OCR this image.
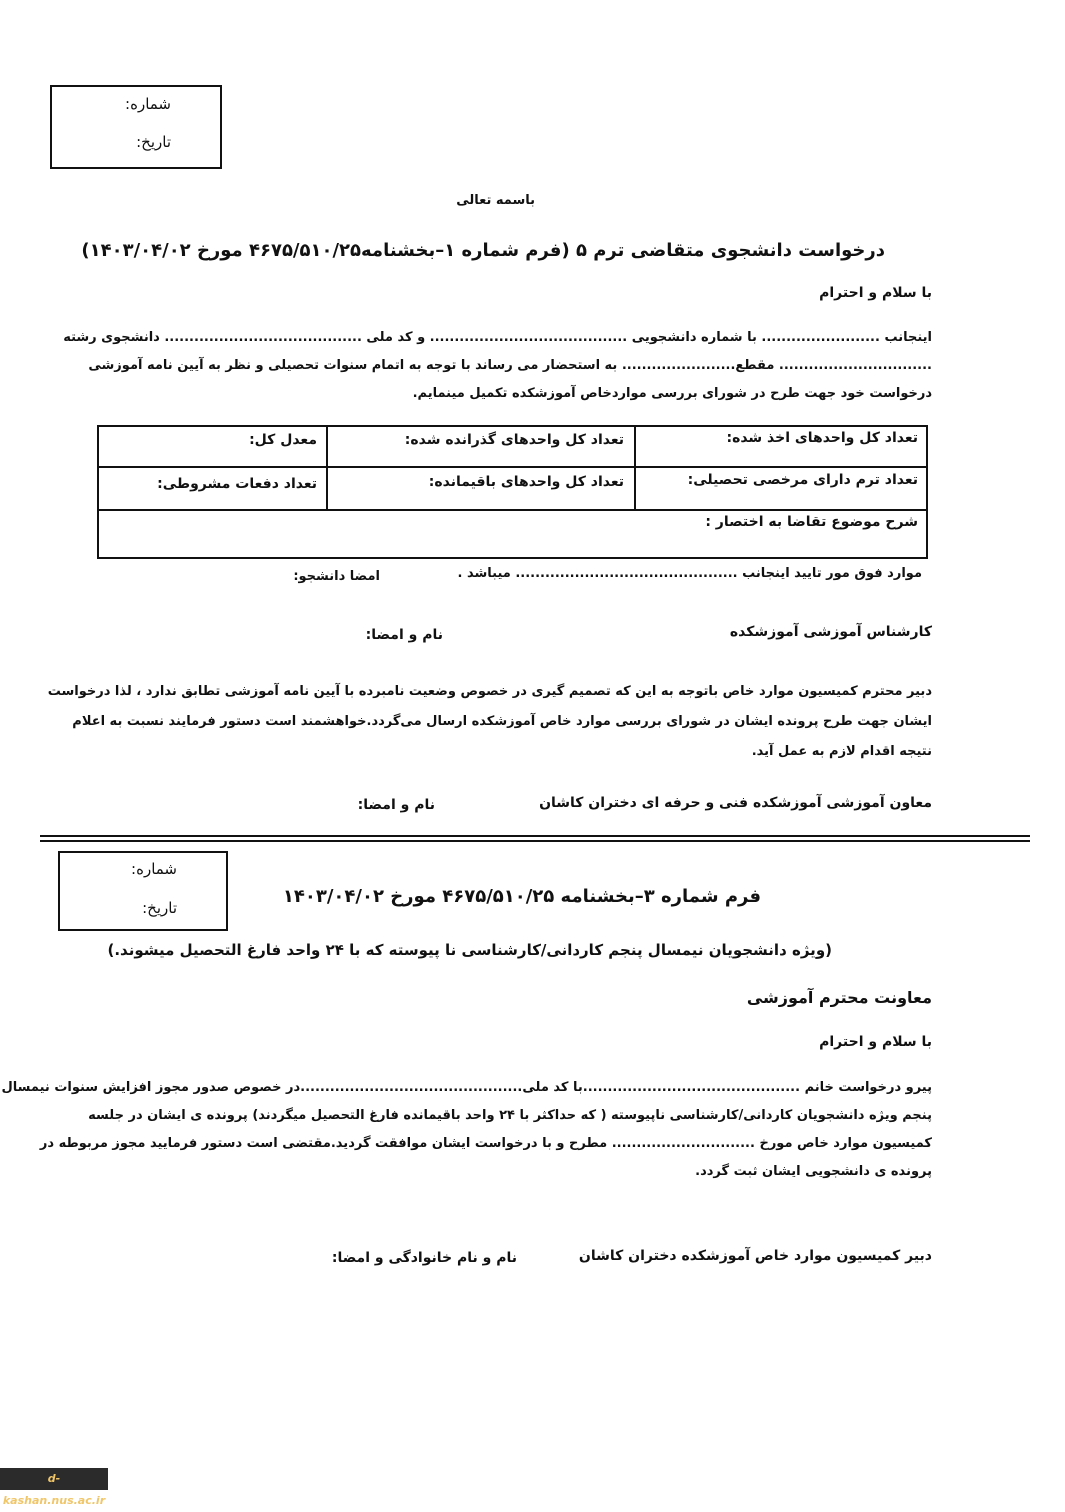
شماره:
تاریخ:
باسمه تعالی
درخواست دانشجوی متقاضی ترم ۵ (فرم شماره ۱–بخشنامه۴۶۷۵/۵۱۰/۲۵ مورخ ۱۴۰۳/۰۴/۰۲)
با سلام و احترام
اینجانب ........................ با شماره دانشجویی ........................................ و کد ملی ........................................ دانشجوی رشته
............................... مقطع....................... به استحضار می رساند با توجه به اتمام سنوات تحصیلی و نظر به آیین نامه آموزشی
درخواست خود جهت طرح در شورای بررسی مواردخاص آموزشکده تکمیل مینمایم.
تعداد کل واحدهای اخذ شده:
تعداد کل واحدهای گذرانده شده:
معدل کل:
تعداد ترم دارای مرخصی تحصیلی:
تعداد کل واحدهای باقیمانده:
تعداد دفعات مشروطی:
شرح موضوع تقاضا به اختصار :
موارد فوق مور تایید اینجانب ............................................. میباشد .
امضا دانشجو:
کارشناس آموزشی آموزشکده
نام و امضا:
دبیر محترم کمیسیون موارد خاص باتوجه به این که تصمیم گیری در خصوص وضعیت نامبرده با آیین نامه آموزشی تطابق ندارد ، لذا درخواست
ایشان جهت طرح پرونده ایشان در شورای بررسی موارد خاص آموزشکده ارسال می‌گردد.خواهشمند است دستور فرمایند نسبت به اعلام
نتیجه اقدام لازم به عمل آید.
معاون آموزشی آموزشکده فنی و حرفه ای دختران کاشان
نام و امضا:
شماره:
تاریخ:
فرم شماره ۳–بخشنامه ۴۶۷۵/۵۱۰/۲۵ مورخ ۱۴۰۳/۰۴/۰۲
(ویژه دانشجویان نیمسال پنجم کاردانی/کارشناسی نا پیوسته که با ۲۴ واحد فارغ التحصیل میشوند.)
معاونت محترم آموزشی
با سلام و احترام
پیرو درخواست خانم ............................................با کد ملی.............................................در خصوص صدور مجوز افزایش سنوات نیمسال
پنجم ویژه دانشجویان کاردانی/کارشناسی ناپیوسته ( که حداکثر با ۲۴ واحد باقیمانده فارغ التحصیل میگردند) پرونده ی ایشان در جلسه
کمیسیون موارد خاص مورخ ............................. مطرح و با درخواست ایشان موافقت گردید.مقتضی است دستور فرمایید مجوز مربوطه در
پرونده ی دانشجویی ایشان ثبت گردد.
دبیر کمیسیون موارد خاص آموزشکده دختران کاشان
نام و نام خانوادگی و امضا:
d-kashan.nus.ac.ir
